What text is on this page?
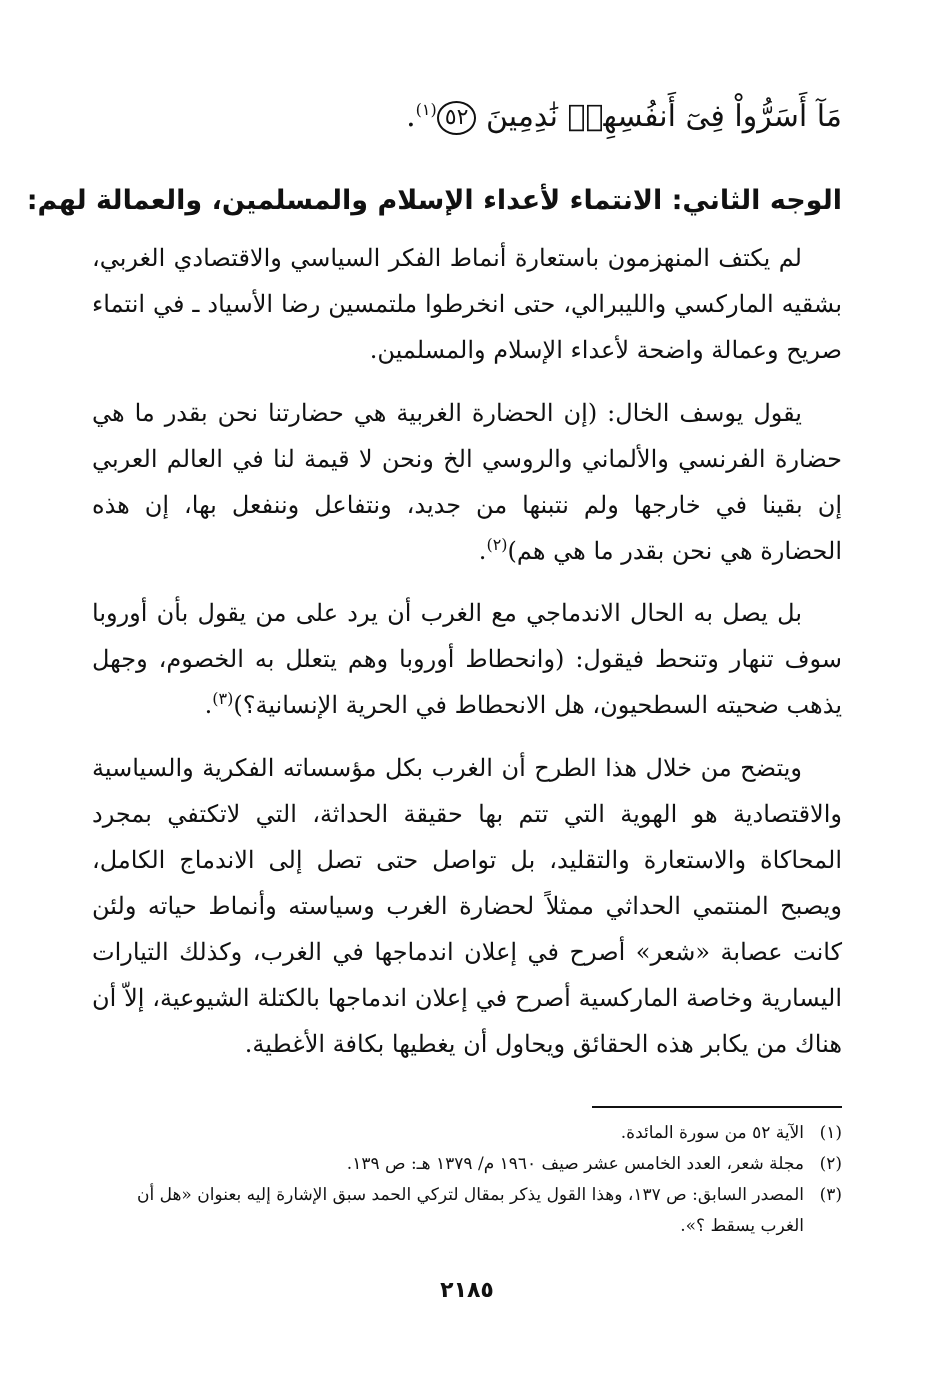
مَآ أَسَرُّواْ فِىٓ أَنفُسِهِمۡ نَٰدِمِينَ ٥٢$^{(١)}$.
الوجه الثاني: الانتماء لأعداء الإسلام والمسلمين، والعمالة لهم:

لم يكتف المنهزمون باستعارة أنماط الفكر السياسي والاقتصادي الغربي، بشقيه الماركسي والليبرالي، حتى انخرطوا ملتمسين رضا الأسياد ـ في انتماء صريح وعمالة واضحة لأعداء الإسلام والمسلمين.

يقول يوسف الخال: (إن الحضارة الغربية هي حضارتنا نحن بقدر ما هي حضارة الفرنسي والألماني والروسي الخ ونحن لا قيمة لنا في العالم العربي إن بقينا في خارجها ولم نتبنها من جديد، ونتفاعل وننفعل بها، إن هذه الحضارة هي نحن بقدر ما هي هم)$^{(٢)}$.

بل يصل به الحال الاندماجي مع الغرب أن يرد على من يقول بأن أوروبا سوف تنهار وتنحط فيقول: (وانحطاط أوروبا وهم يتعلل به الخصوم، وجهل يذهب ضحيته السطحيون، هل الانحطاط في الحرية الإنسانية؟)$^{(٣)}$.

ويتضح من خلال هذا الطرح أن الغرب بكل مؤسساته الفكرية والسياسية والاقتصادية هو الهوية التي تتم بها حقيقة الحداثة، التي لاتكتفي بمجرد المحاكاة والاستعارة والتقليد، بل تواصل حتى تصل إلى الاندماج الكامل، ويصبح المنتمي الحداثي ممثلاً لحضارة الغرب وسياسته وأنماط حياته ولئن كانت عصابة «شعر» أصرح في إعلان اندماجها في الغرب، وكذلك التيارات اليسارية وخاصة الماركسية أصرح في إعلان اندماجها بالكتلة الشيوعية، إلاّ أن هناك من يكابر هذه الحقائق ويحاول أن يغطيها بكافة الأغطية.

(١)
الآية ٥٢ من سورة المائدة.
(٢)
مجلة شعر، العدد الخامس عشر صيف ١٩٦٠ م/ ١٣٧٩ هـ: ص ١٣٩.
(٣)
المصدر السابق: ص ١٣٧، وهذا القول يذكر بمقال لتركي الحمد سبق الإشارة إليه بعنوان «هل أن الغرب يسقط ؟».
٢١٨٥
